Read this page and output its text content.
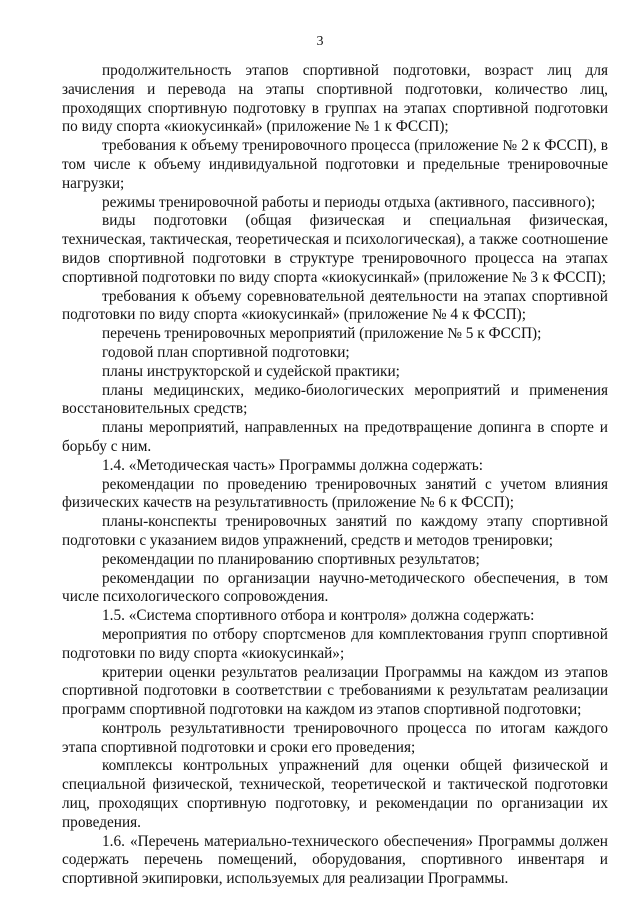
3

продолжительность этапов спортивной подготовки, возраст лиц для зачисления и перевода на этапы спортивной подготовки, количество лиц, проходящих спортивную подготовку в группах на этапах спортивной подготовки по виду спорта «киокусинкай» (приложение № 1 к ФССП);

требования к объему тренировочного процесса (приложение № 2 к ФССП), в том числе к объему индивидуальной подготовки и предельные тренировочные нагрузки;

режимы тренировочной работы и периоды отдыха (активного, пассивного);

виды подготовки (общая физическая и специальная физическая, техническая, тактическая, теоретическая и психологическая), а также соотношение видов спортивной подготовки в структуре тренировочного процесса на этапах спортивной подготовки по виду спорта «киокусинкай» (приложение № 3 к ФССП);

требования к объему соревновательной деятельности на этапах спортивной подготовки по виду спорта «киокусинкай» (приложение № 4 к ФССП);

перечень тренировочных мероприятий (приложение № 5 к ФССП);

годовой план спортивной подготовки;

планы инструкторской и судейской практики;

планы медицинских, медико-биологических мероприятий и применения восстановительных средств;

планы мероприятий, направленных на предотвращение допинга в спорте и борьбу с ним.

1.4. «Методическая часть» Программы должна содержать:

рекомендации по проведению тренировочных занятий с учетом влияния физических качеств на результативность (приложение № 6 к ФССП);

планы-конспекты тренировочных занятий по каждому этапу спортивной подготовки с указанием видов упражнений, средств и методов тренировки;

рекомендации по планированию спортивных результатов;

рекомендации по организации научно-методического обеспечения, в том числе психологического сопровождения.

1.5. «Система спортивного отбора и контроля» должна содержать:

мероприятия по отбору спортсменов для комплектования групп спортивной подготовки по виду спорта «киокусинкай»;

критерии оценки результатов реализации Программы на каждом из этапов спортивной подготовки в соответствии с требованиями к результатам реализации программ спортивной подготовки на каждом из этапов спортивной подготовки;

контроль результативности тренировочного процесса по итогам каждого этапа спортивной подготовки и сроки его проведения;

комплексы контрольных упражнений для оценки общей физической и специальной физической, технической, теоретической и тактической подготовки лиц, проходящих спортивную подготовку, и рекомендации по организации их проведения.

1.6. «Перечень материально-технического обеспечения» Программы должен содержать перечень помещений, оборудования, спортивного инвентаря и спортивной экипировки, используемых для реализации Программы.
